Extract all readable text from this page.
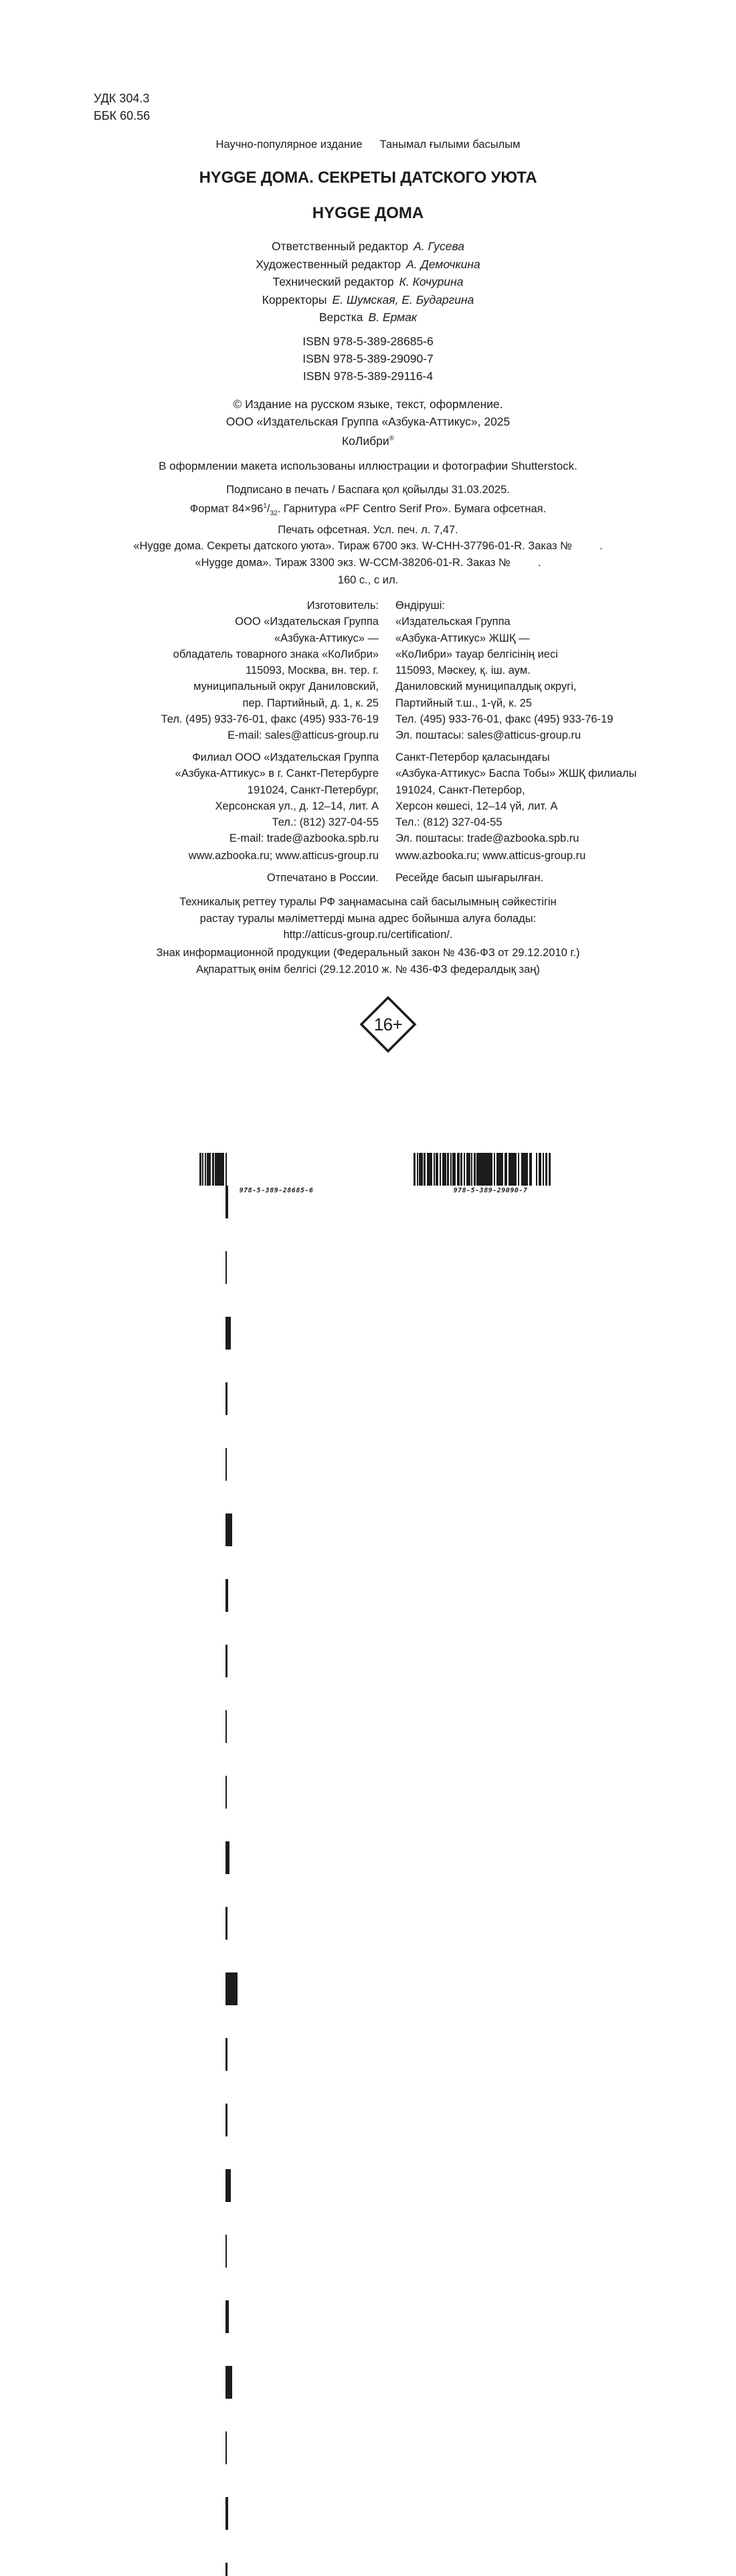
УДК 304.3
ББК 60.56
Научно-популярное издание Танымал ғылыми басылым
HYGGE ДОМА. СЕКРЕТЫ ДАТСКОГО УЮТА
HYGGE ДОМА
Ответственный редактор А. Гусева
Художественный редактор А. Демочкина
Технический редактор К. Кочурина
Корректоры Е. Шумская, Е. Бударгина
Верстка В. Ермак
ISBN 978-5-389-28685-6
ISBN 978-5-389-29090-7
ISBN 978-5-389-29116-4
© Издание на русском языке, текст, оформление.
ООО «Издательская Группа «Азбука-Аттикус», 2025
КоЛибри®
В оформлении макета использованы иллюстрации и фотографии Shutterstock.
Подписано в печать / Баспаға қол қойылды 31.03.2025.
Формат $84\times 96^1/_{32}$. Гарнитура «PF Centro Serif Pro». Бумага офсетная.
Печать офсетная. Усл. печ. л. 7,47.
«Hygge дома. Секреты датского уюта». Тираж 6700 экз. W-CHH-37796-01-R. Заказ №         .
«Hygge дома». Тираж 3300 экз. W-CCM-38206-01-R. Заказ №         .
160 с., с ил.
Изготовитель:
ООО «Издательская Группа
«Азбука-Аттикус» —
обладатель товарного знака «КоЛибри»
115093, Москва, вн. тер. г.
муниципальный округ Даниловский,
пер. Партийный, д. 1, к. 25
Тел. (495) 933-76-01, факс (495) 933-76-19
E-mail: sales@atticus-group.ru
Өндіруші:
«Издательская Группа
«Азбука-Аттикус» ЖШҚ —
«КоЛибри» тауар белгісінің иесі
115093, Мәскеу, қ. іш. аум.
Даниловский муниципалдық округі,
Партийный т.ш., 1-үй, к. 25
Тел. (495) 933-76-01, факс (495) 933-76-19
Эл. поштасы: sales@atticus-group.ru
Филиал ООО «Издательская Группа
«Азбука-Аттикус» в г. Санкт-Петербурге
191024, Санкт-Петербург,
Херсонская ул., д. 12–14, лит. А
Тел.: (812) 327-04-55
E-mail: trade@azbooka.spb.ru
Санкт-Петербор қаласындағы
«Азбука-Аттикус» Баспа Тобы» ЖШҚ филиалы
191024, Санкт-Петербор,
Херсон көшесі, 12–14 үй, лит. А
Тел.: (812) 327-04-55
Эл. поштасы: trade@azbooka.spb.ru
www.azbooka.ru; www.atticus-group.ru www.azbooka.ru; www.atticus-group.ru
Отпечатано в России. Ресейде басып шығарылған.
Техникалық реттеу туралы РФ заңнамасына сай басылымның сәйкестігін
растау туралы мәліметтерді мына адрес бойынша алуға болады:
http://atticus-group.ru/certification/.
Знак информационной продукции (Федеральный закон № 436-ФЗ от 29.12.2010 г.)
Ақпараттық өнім белгісі (29.12.2010 ж. № 436-ФЗ федералдық заң)
16+
978-5-389-28685-6	978-5-389-29090-7
